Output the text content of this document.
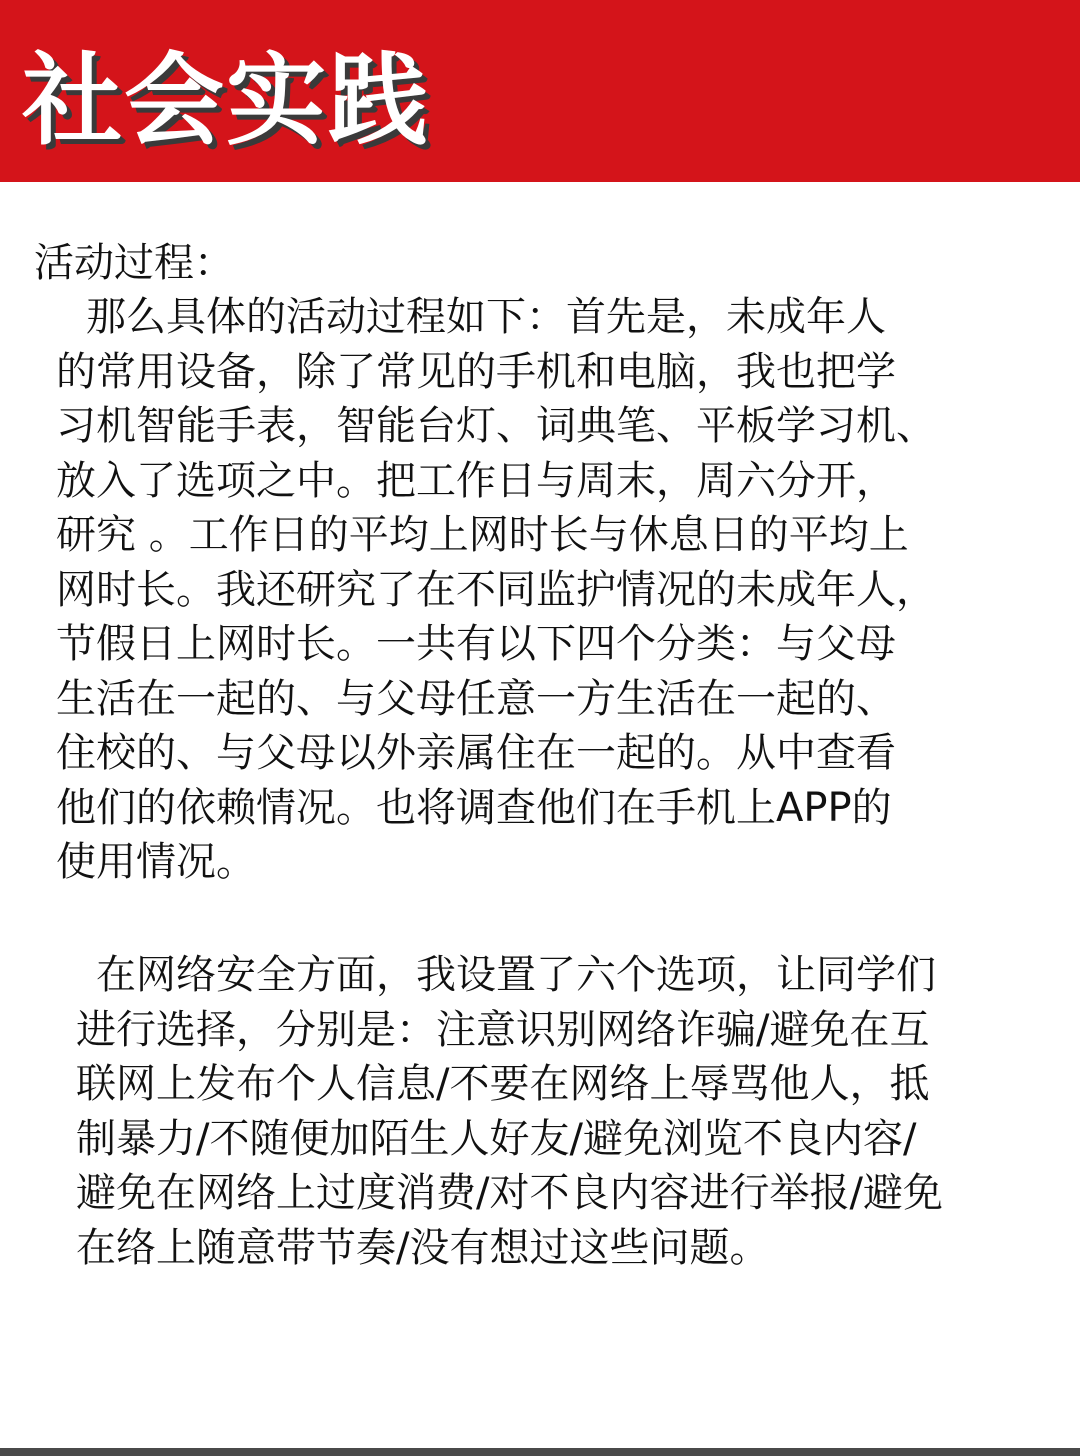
社会实践
活动过程：
那么具体的活动过程如下：首先是，未成年人
的常用设备，除了常见的手机和电脑，我也把学
习机智能手表，智能台灯、词典笔、平板学习机、
放入了选项之中。把工作日与周末，周六分开，
研究 。工作日的平均上网时长与休息日的平均上
网时长。我还研究了在不同监护情况的未成年人，
节假日上网时长。一共有以下四个分类：与父母
生活在一起的、与父母任意一方生活在一起的、
住校的、与父母以外亲属住在一起的。从中查看
他们的依赖情况。也将调查他们在手机上APP的
使用情况。
在网络安全方面，我设置了六个选项，让同学们
进行选择，分别是：注意识别网络诈骗/避免在互
联网上发布个人信息/不要在网络上辱骂他人，抵
制暴力/不随便加陌生人好友/避免浏览不良内容/
避免在网络上过度消费/对不良内容进行举报/避免
在络上随意带节奏/没有想过这些问题。
